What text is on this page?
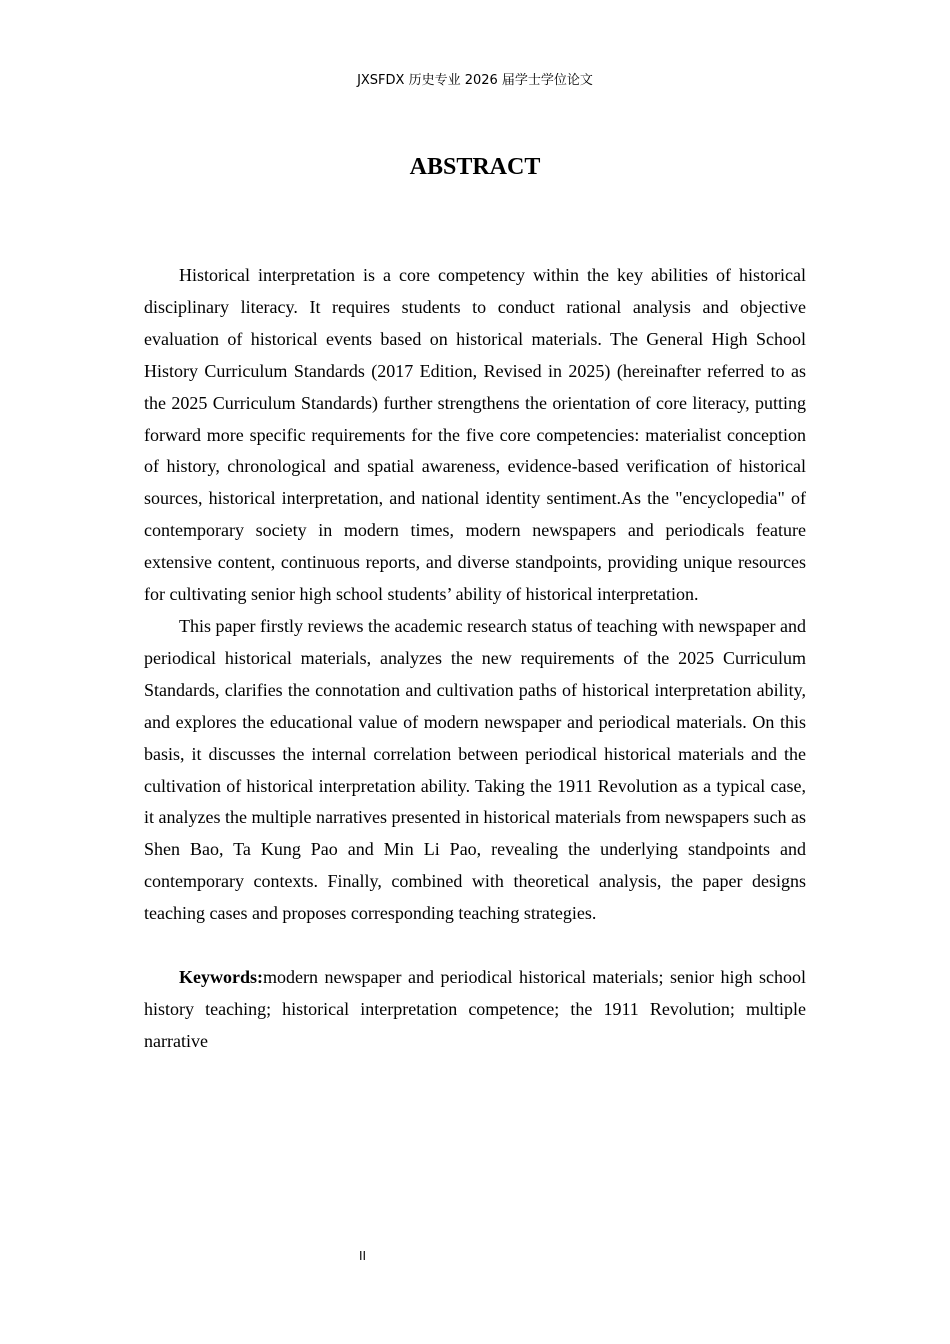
JXSFDX 历史专业 2026 届学士学位论文
ABSTRACT

Historical interpretation is a core competency within the key abilities of historical disciplinary literacy. It requires students to conduct rational analysis and objective evaluation of historical events based on historical materials. The General High School History Curriculum Standards (2017 Edition, Revised in 2025) (hereinafter referred to as the 2025 Curriculum Standards) further strengthens the orientation of core literacy, putting forward more specific requirements for the five core competencies: materialist conception of history, chronological and spatial awareness, evidence-based verification of historical sources, historical interpretation, and national identity sentiment.As the "encyclopedia" of contemporary society in modern times, modern newspapers and periodicals feature extensive content, continuous reports, and diverse standpoints, providing unique resources for cultivating senior high school students’ ability of historical interpretation.

This paper firstly reviews the academic research status of teaching with newspaper and periodical historical materials, analyzes the new requirements of the 2025 Curriculum Standards, clarifies the connotation and cultivation paths of historical interpretation ability, and explores the educational value of modern newspaper and periodical materials. On this basis, it discusses the internal correlation between periodical historical materials and the cultivation of historical interpretation ability. Taking the 1911 Revolution as a typical case, it analyzes the multiple narratives presented in historical materials from newspapers such as Shen Bao, Ta Kung Pao and Min Li Pao, revealing the underlying standpoints and contemporary contexts. Finally, combined with theoretical analysis, the paper designs teaching cases and proposes corresponding teaching strategies.

Keywords:modern newspaper and periodical historical materials; senior high school history teaching; historical interpretation competence; the 1911 Revolution; multiple narrative

II
